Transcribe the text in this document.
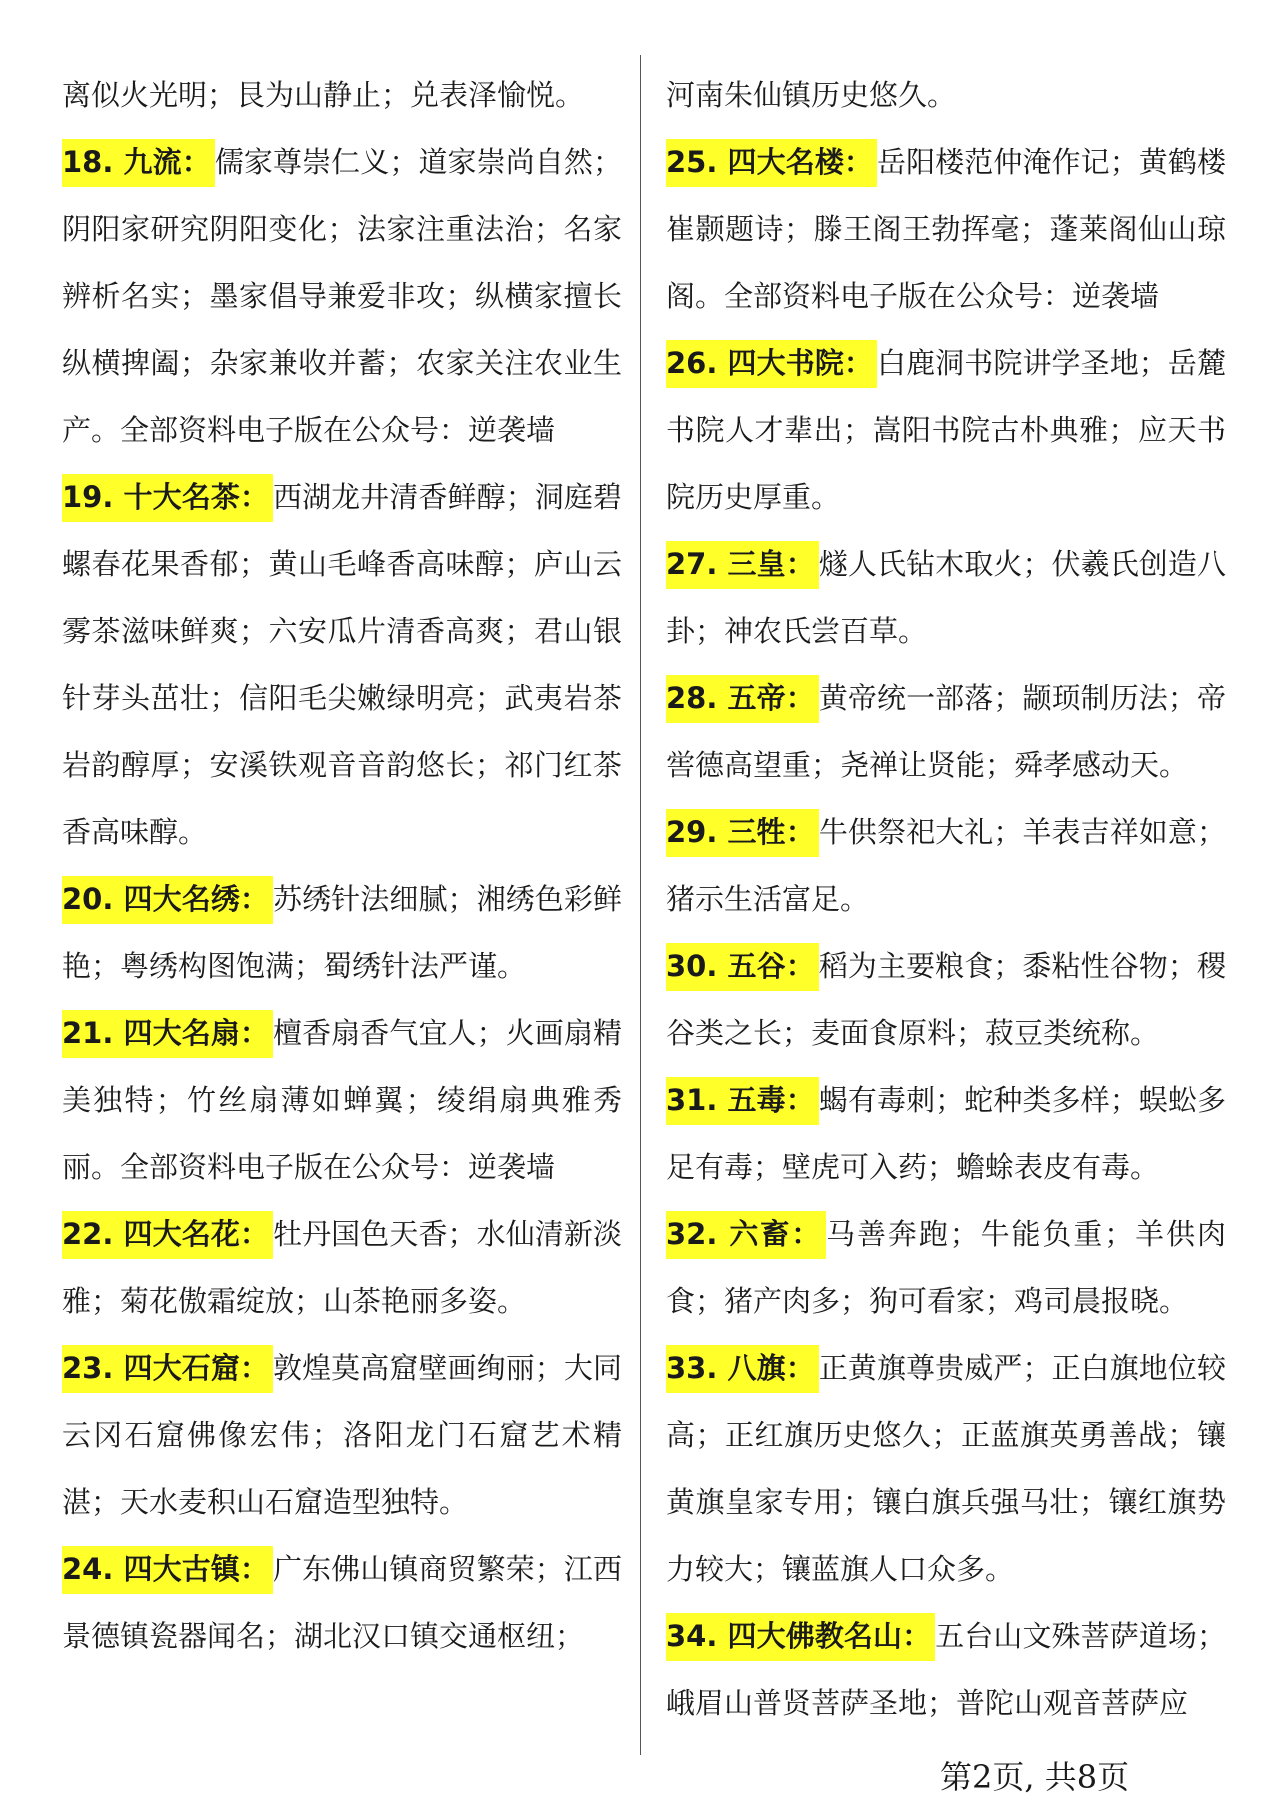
离似火光明；艮为山静止；兑表泽愉悦。

18. 九流： 儒家尊崇仁义；道家崇尚自然；阴阳家研究阴阳变化；法家注重法治；名家辨析名实；墨家倡导兼爱非攻；纵横家擅长纵横捭阖；杂家兼收并蓄；农家关注农业生产。全部资料电子版在公众号：逆袭墙

19. 十大名茶： 西湖龙井清香鲜醇；洞庭碧螺春花果香郁；黄山毛峰香高味醇；庐山云雾茶滋味鲜爽；六安瓜片清香高爽；君山银针芽头茁壮；信阳毛尖嫩绿明亮；武夷岩茶岩韵醇厚；安溪铁观音音韵悠长；祁门红茶香高味醇。

20. 四大名绣： 苏绣针法细腻；湘绣色彩鲜艳；粤绣构图饱满；蜀绣针法严谨。

21. 四大名扇： 檀香扇香气宜人；火画扇精美独特；竹丝扇薄如蝉翼；绫绢扇典雅秀丽。全部资料电子版在公众号：逆袭墙

22. 四大名花： 牡丹国色天香；水仙清新淡雅；菊花傲霜绽放；山茶艳丽多姿。

23. 四大石窟： 敦煌莫高窟壁画绚丽；大同云冈石窟佛像宏伟；洛阳龙门石窟艺术精湛；天水麦积山石窟造型独特。

24. 四大古镇： 广东佛山镇商贸繁荣；江西景德镇瓷器闻名；湖北汉口镇交通枢纽；

河南朱仙镇历史悠久。

25. 四大名楼： 岳阳楼范仲淹作记；黄鹤楼崔颢题诗；滕王阁王勃挥毫；蓬莱阁仙山琼阁。全部资料电子版在公众号：逆袭墙

26. 四大书院： 白鹿洞书院讲学圣地；岳麓书院人才辈出；嵩阳书院古朴典雅；应天书院历史厚重。

27. 三皇： 燧人氏钻木取火；伏羲氏创造八卦；神农氏尝百草。

28. 五帝： 黄帝统一部落；颛顼制历法；帝喾德高望重；尧禅让贤能；舜孝感动天。

29. 三牲： 牛供祭祀大礼；羊表吉祥如意；猪示生活富足。

30. 五谷： 稻为主要粮食；黍粘性谷物；稷谷类之长；麦面食原料；菽豆类统称。

31. 五毒： 蝎有毒刺；蛇种类多样；蜈蚣多足有毒；壁虎可入药；蟾蜍表皮有毒。

32. 六畜： 马善奔跑；牛能负重；羊供肉食；猪产肉多；狗可看家；鸡司晨报晓。

33. 八旗： 正黄旗尊贵威严；正白旗地位较高；正红旗历史悠久；正蓝旗英勇善战；镶黄旗皇家专用；镶白旗兵强马壮；镶红旗势力较大；镶蓝旗人口众多。

34. 四大佛教名山： 五台山文殊菩萨道场；峨眉山普贤菩萨圣地；普陀山观音菩萨应

第2页, 共8页
